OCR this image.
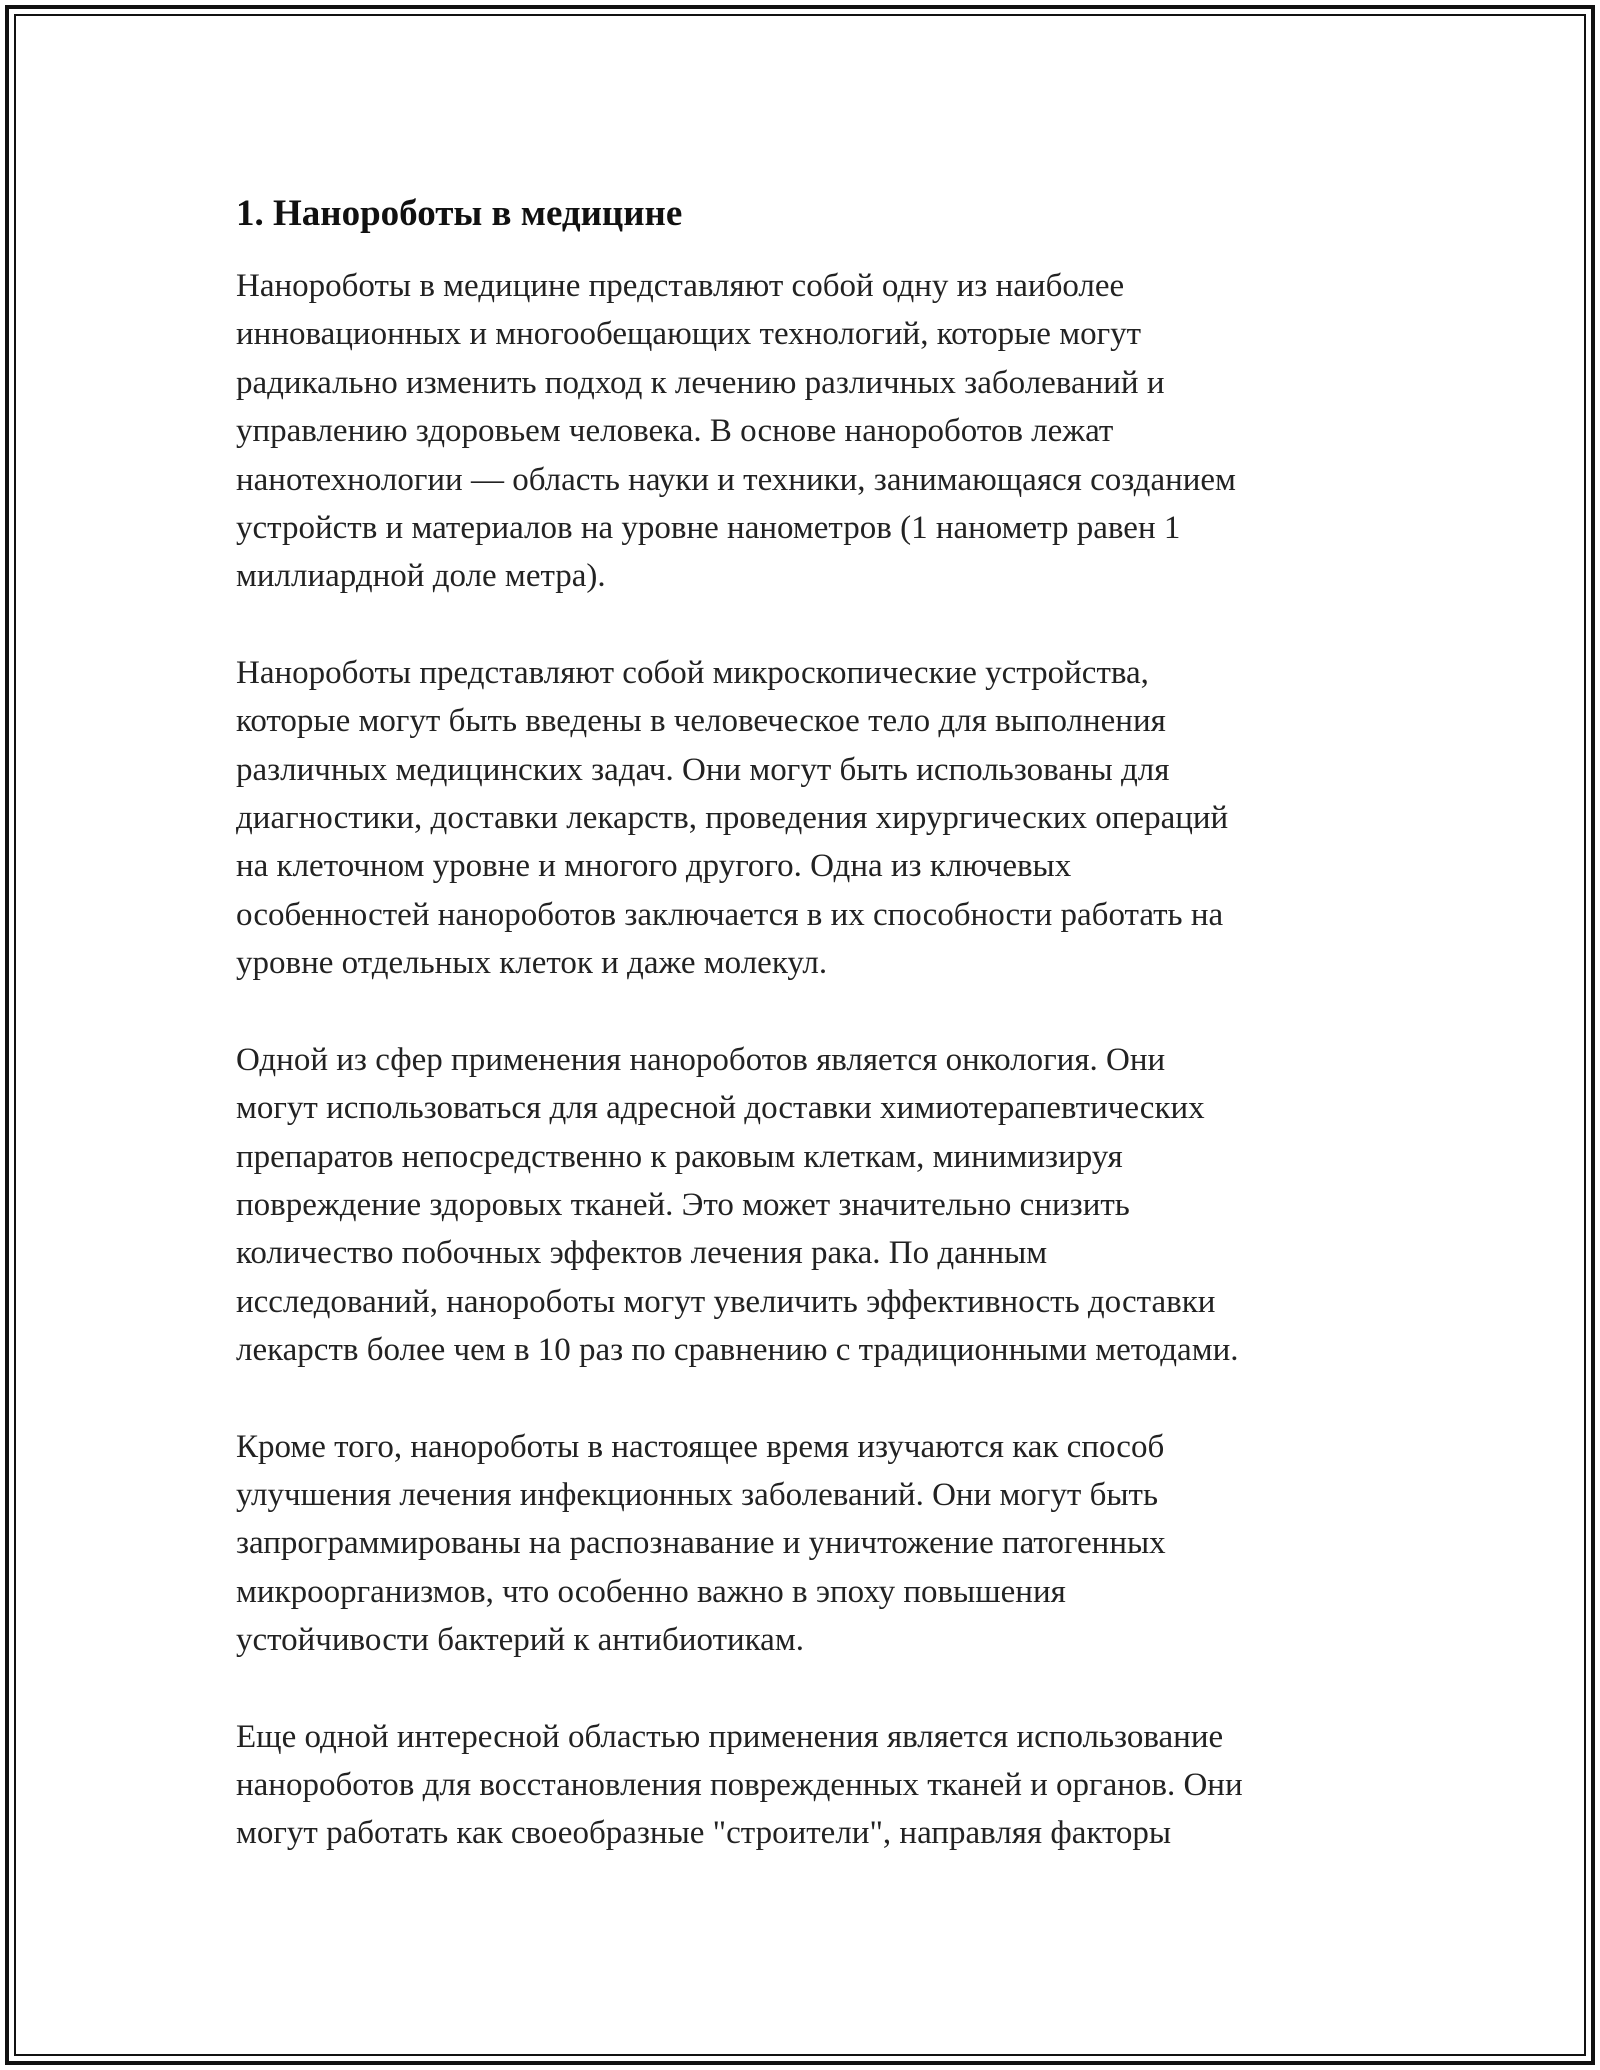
1. Нанороботы в медицине

Нанороботы в медицине представляют собой одну из наиболее
инновационных и многообещающих технологий, которые могут
радикально изменить подход к лечению различных заболеваний и
управлению здоровьем человека. В основе нанороботов лежат
нанотехнологии — область науки и техники, занимающаяся созданием
устройств и материалов на уровне нанометров (1 нанометр равен 1
миллиардной доле метра).

Нанороботы представляют собой микроскопические устройства,
которые могут быть введены в человеческое тело для выполнения
различных медицинских задач. Они могут быть использованы для
диагностики, доставки лекарств, проведения хирургических операций
на клеточном уровне и многого другого. Одна из ключевых
особенностей нанороботов заключается в их способности работать на
уровне отдельных клеток и даже молекул.

Одной из сфер применения нанороботов является онкология. Они
могут использоваться для адресной доставки химиотерапевтических
препаратов непосредственно к раковым клеткам, минимизируя
повреждение здоровых тканей. Это может значительно снизить
количество побочных эффектов лечения рака. По данным
исследований, нанороботы могут увеличить эффективность доставки
лекарств более чем в 10 раз по сравнению с традиционными методами.

Кроме того, нанороботы в настоящее время изучаются как способ
улучшения лечения инфекционных заболеваний. Они могут быть
запрограммированы на распознавание и уничтожение патогенных
микроорганизмов, что особенно важно в эпоху повышения
устойчивости бактерий к антибиотикам.

Еще одной интересной областью применения является использование
нанороботов для восстановления поврежденных тканей и органов. Они
могут работать как своеобразные "строители", направляя факторы
